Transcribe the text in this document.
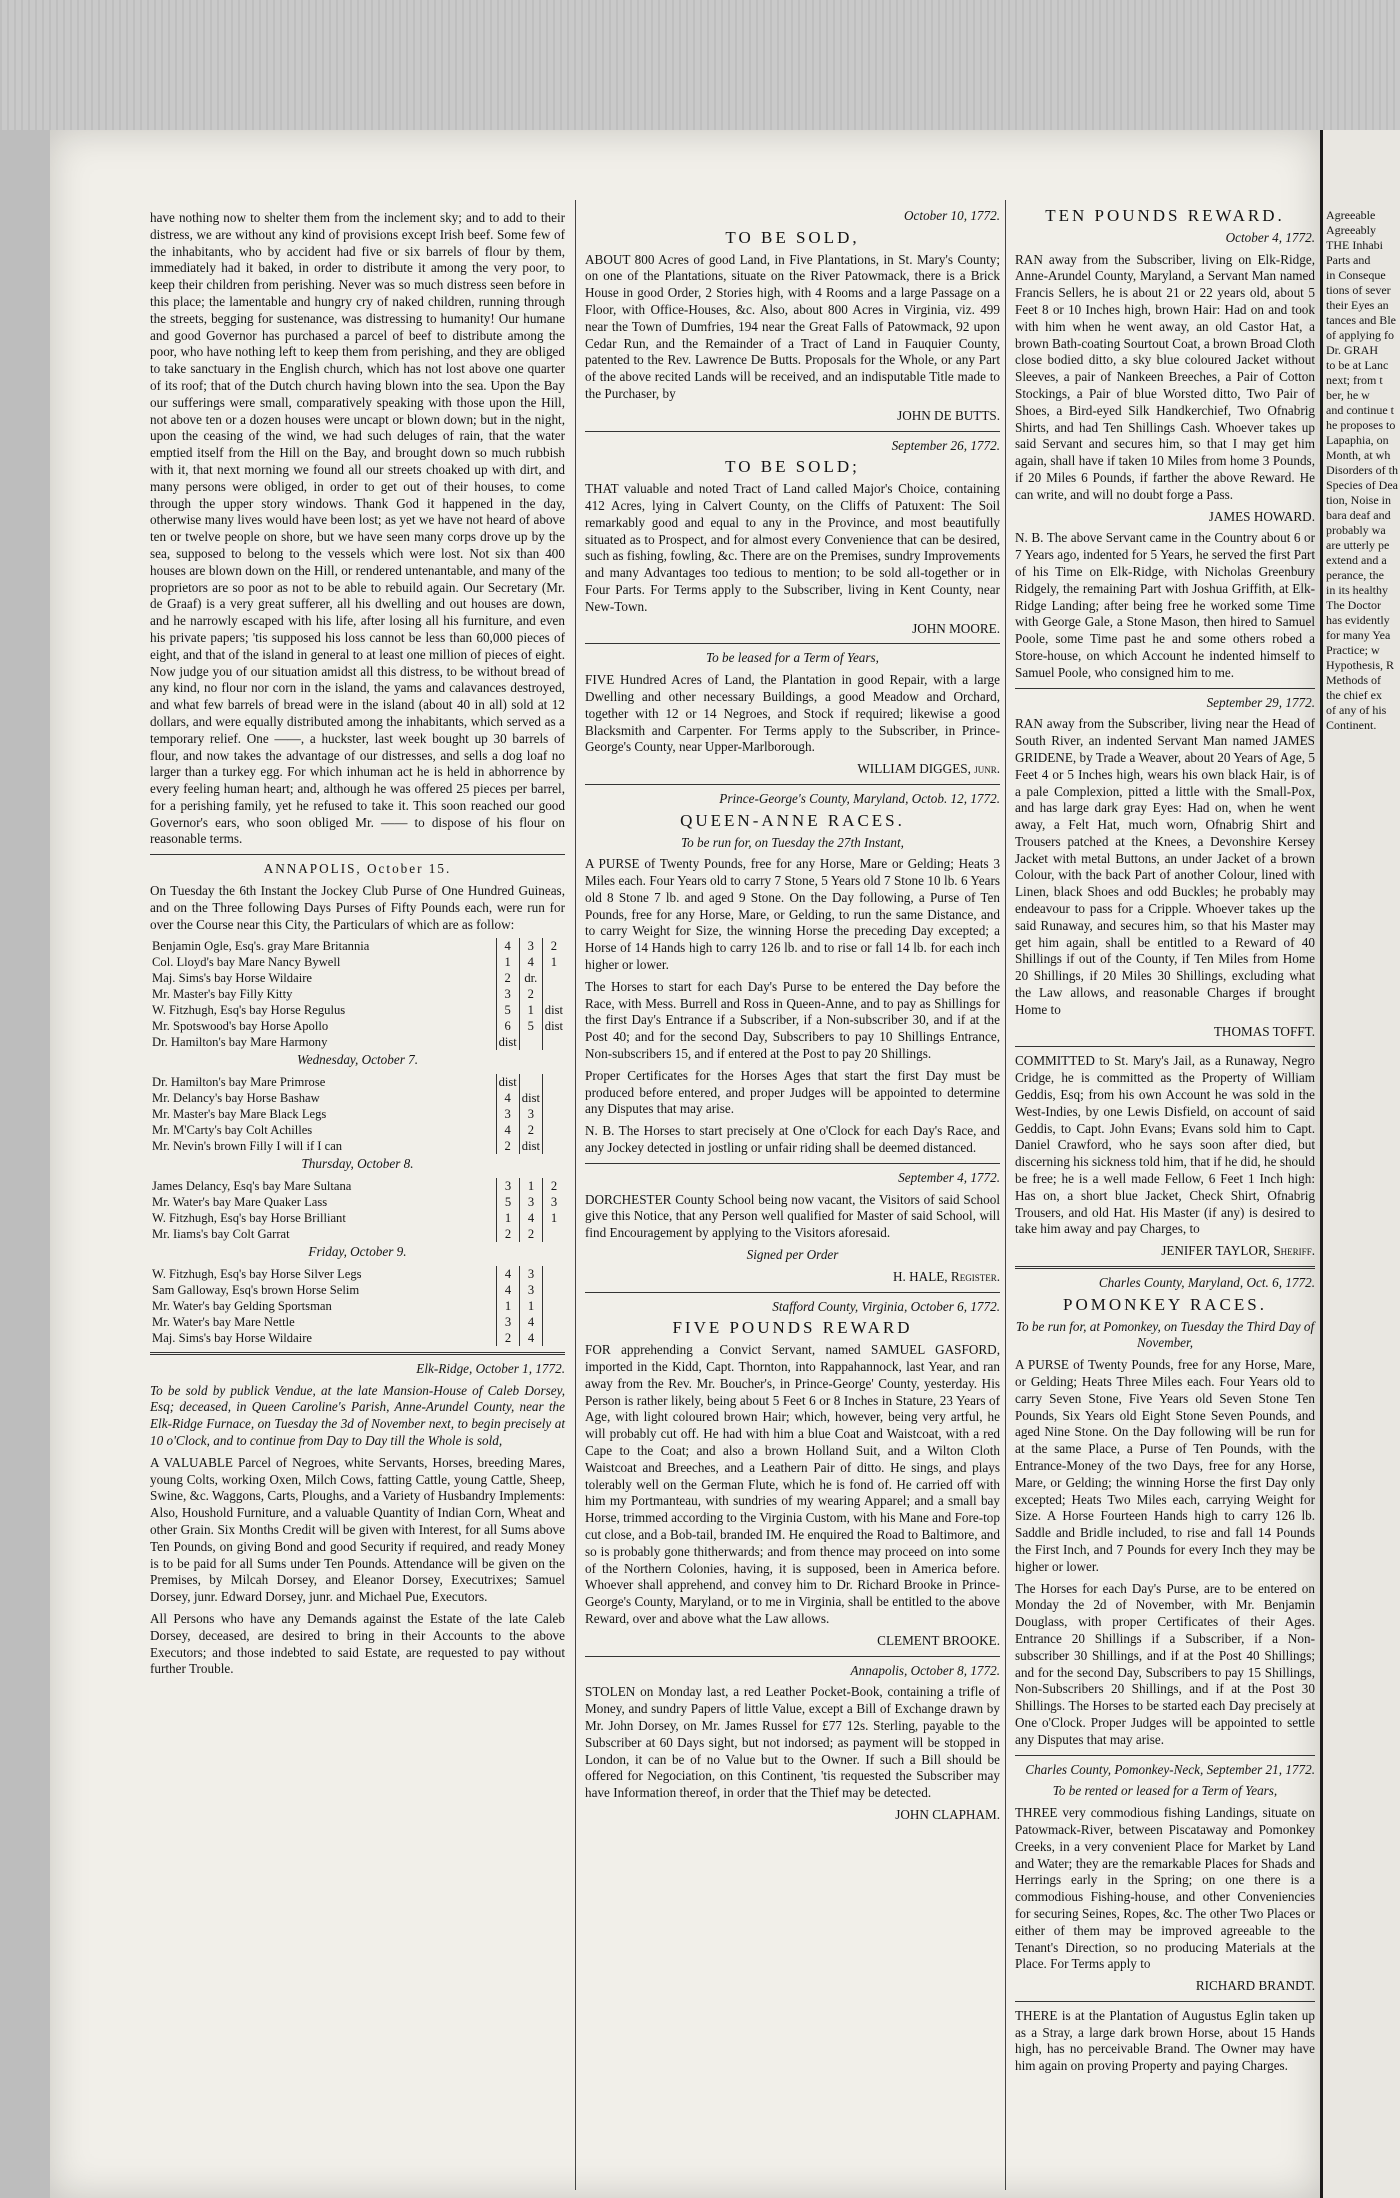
have nothing now to shelter them from the inclement sky; and to add to their distress, we are without any kind of provisions except Irish beef. Some few of the inhabitants, who by accident had five or six barrels of flour by them, immediately had it baked, in order to distribute it among the very poor, to keep their children from perishing. Never was so much distress seen before in this place; the lamentable and hungry cry of naked children, running through the streets, begging for sustenance, was distressing to humanity! Our humane and good Governor has purchased a parcel of beef to distribute among the poor, who have nothing left to keep them from perishing, and they are obliged to take sanctuary in the English church, which has not lost above one quarter of its roof; that of the Dutch church having blown into the sea. Upon the Bay our sufferings were small, comparatively speaking with those upon the Hill, not above ten or a dozen houses were uncapt or blown down; but in the night, upon the ceasing of the wind, we had such deluges of rain, that the water emptied itself from the Hill on the Bay, and brought down so much rubbish with it, that next morning we found all our streets choaked up with dirt, and many persons were obliged, in order to get out of their houses, to come through the upper story windows. Thank God it happened in the day, otherwise many lives would have been lost; as yet we have not heard of above ten or twelve people on shore, but we have seen many corps drove up by the sea, supposed to belong to the vessels which were lost. Not six than 400 houses are blown down on the Hill, or rendered untenantable, and many of the proprietors are so poor as not to be able to rebuild again. Our Secretary (Mr. de Graaf) is a very great sufferer, all his dwelling and out houses are down, and he narrowly escaped with his life, after losing all his furniture, and even his private papers; 'tis supposed his loss cannot be less than 60,000 pieces of eight, and that of the island in general to at least one million of pieces of eight. Now judge you of our situation amidst all this distress, to be without bread of any kind, no flour nor corn in the island, the yams and calavances destroyed, and what few barrels of bread were in the island (about 40 in all) sold at 12 dollars, and were equally distributed among the inhabitants, which served as a temporary relief. One ——, a huckster, last week bought up 30 barrels of flour, and now takes the advantage of our distresses, and sells a dog loaf no larger than a turkey egg. For which inhuman act he is held in abhorrence by every feeling human heart; and, although he was offered 25 pieces per barrel, for a perishing family, yet he refused to take it. This soon reached our good Governor's ears, who soon obliged Mr. —— to dispose of his flour on reasonable terms.

ANNAPOLIS, October 15.

On Tuesday the 6th Instant the Jockey Club Purse of One Hundred Guineas, and on the Three following Days Purses of Fifty Pounds each, were run for over the Course near this City, the Particulars of which are as follow:

Benjamin Ogle, Esq's. gray Mare Britannia	4	3	2
Col. Lloyd's bay Mare Nancy Bywell	1	4	1
Maj. Sims's bay Horse Wildaire	2	dr.	
Mr. Master's bay Filly Kitty	3	2	
W. Fitzhugh, Esq's bay Horse Regulus	5	1	dist
Mr. Spotswood's bay Horse Apollo	6	5	dist
Dr. Hamilton's bay Mare Harmony	dist		

Wednesday, October 7.

Dr. Hamilton's bay Mare Primrose	dist		
Mr. Delancy's bay Horse Bashaw	4	dist	
Mr. Master's bay Mare Black Legs	3	3	
Mr. M'Carty's bay Colt Achilles	4	2	
Mr. Nevin's brown Filly I will if I can	2	dist	

Thursday, October 8.

James Delancy, Esq's bay Mare Sultana	3	1	2
Mr. Water's bay Mare Quaker Lass	5	3	3
W. Fitzhugh, Esq's bay Horse Brilliant	1	4	1
Mr. Iiams's bay Colt Garrat	2	2	

Friday, October 9.

W. Fitzhugh, Esq's bay Horse Silver Legs	4	3	
Sam Galloway, Esq's brown Horse Selim	4	3	
Mr. Water's bay Gelding Sportsman	1	1	
Mr. Water's bay Mare Nettle	3	4	
Maj. Sims's bay Horse Wildaire	2	4	

Elk-Ridge, October 1, 1772.

To be sold by publick Vendue, at the late Mansion-House of Caleb Dorsey, Esq; deceased, in Queen Caroline's Parish, Anne-Arundel County, near the Elk-Ridge Furnace, on Tuesday the 3d of November next, to begin precisely at 10 o'Clock, and to continue from Day to Day till the Whole is sold,

A VALUABLE Parcel of Negroes, white Servants, Horses, breeding Mares, young Colts, working Oxen, Milch Cows, fatting Cattle, young Cattle, Sheep, Swine, &c. Waggons, Carts, Ploughs, and a Variety of Husbandry Implements: Also, Houshold Furniture, and a valuable Quantity of Indian Corn, Wheat and other Grain. Six Months Credit will be given with Interest, for all Sums above Ten Pounds, on giving Bond and good Security if required, and ready Money is to be paid for all Sums under Ten Pounds. Attendance will be given on the Premises, by Milcah Dorsey, and Eleanor Dorsey, Executrixes; Samuel Dorsey, junr. Edward Dorsey, junr. and Michael Pue, Executors.

All Persons who have any Demands against the Estate of the late Caleb Dorsey, deceased, are desired to bring in their Accounts to the above Executors; and those indebted to said Estate, are requested to pay without further Trouble.

October 10, 1772.

TO BE SOLD,

ABOUT 800 Acres of good Land, in Five Plantations, in St. Mary's County; on one of the Plantations, situate on the River Patowmack, there is a Brick House in good Order, 2 Stories high, with 4 Rooms and a large Passage on a Floor, with Office-Houses, &c. Also, about 800 Acres in Virginia, viz. 499 near the Town of Dumfries, 194 near the Great Falls of Patowmack, 92 upon Cedar Run, and the Remainder of a Tract of Land in Fauquier County, patented to the Rev. Lawrence De Butts. Proposals for the Whole, or any Part of the above recited Lands will be received, and an indisputable Title made to the Purchaser, by

JOHN DE BUTTS.

September 26, 1772.

TO BE SOLD;

THAT valuable and noted Tract of Land called Major's Choice, containing 412 Acres, lying in Calvert County, on the Cliffs of Patuxent: The Soil remarkably good and equal to any in the Province, and most beautifully situated as to Prospect, and for almost every Convenience that can be desired, such as fishing, fowling, &c. There are on the Premises, sundry Improvements and many Advantages too tedious to mention; to be sold all-together or in Four Parts. For Terms apply to the Subscriber, living in Kent County, near New-Town.

JOHN MOORE.

To be leased for a Term of Years,

FIVE Hundred Acres of Land, the Plantation in good Repair, with a large Dwelling and other necessary Buildings, a good Meadow and Orchard, together with 12 or 14 Negroes, and Stock if required; likewise a good Blacksmith and Carpenter. For Terms apply to the Subscriber, in Prince-George's County, near Upper-Marlborough.

WILLIAM DIGGES, junr.

Prince-George's County, Maryland, Octob. 12, 1772.

QUEEN-ANNE RACES.

To be run for, on Tuesday the 27th Instant,

A PURSE of Twenty Pounds, free for any Horse, Mare or Gelding; Heats 3 Miles each. Four Years old to carry 7 Stone, 5 Years old 7 Stone 10 lb. 6 Years old 8 Stone 7 lb. and aged 9 Stone. On the Day following, a Purse of Ten Pounds, free for any Horse, Mare, or Gelding, to run the same Distance, and to carry Weight for Size, the winning Horse the preceding Day excepted; a Horse of 14 Hands high to carry 126 lb. and to rise or fall 14 lb. for each inch higher or lower.

The Horses to start for each Day's Purse to be entered the Day before the Race, with Mess. Burrell and Ross in Queen-Anne, and to pay as Shillings for the first Day's Entrance if a Subscriber, if a Non-subscriber 30, and if at the Post 40; and for the second Day, Subscribers to pay 10 Shillings Entrance, Non-subscribers 15, and if entered at the Post to pay 20 Shillings.

Proper Certificates for the Horses Ages that start the first Day must be produced before entered, and proper Judges will be appointed to determine any Disputes that may arise.

N. B. The Horses to start precisely at One o'Clock for each Day's Race, and any Jockey detected in jostling or unfair riding shall be deemed distanced.

September 4, 1772.

DORCHESTER County School being now vacant, the Visitors of said School give this Notice, that any Person well qualified for Master of said School, will find Encouragement by applying to the Visitors aforesaid.

Signed per Order

H. HALE, Register.

Stafford County, Virginia, October 6, 1772.

FIVE POUNDS REWARD

FOR apprehending a Convict Servant, named SAMUEL GASFORD, imported in the Kidd, Capt. Thornton, into Rappahannock, last Year, and ran away from the Rev. Mr. Boucher's, in Prince-George' County, yesterday. His Person is rather likely, being about 5 Feet 6 or 8 Inches in Stature, 23 Years of Age, with light coloured brown Hair; which, however, being very artful, he will probably cut off. He had with him a blue Coat and Waistcoat, with a red Cape to the Coat; and also a brown Holland Suit, and a Wilton Cloth Waistcoat and Breeches, and a Leathern Pair of ditto. He sings, and plays tolerably well on the German Flute, which he is fond of. He carried off with him my Portmanteau, with sundries of my wearing Apparel; and a small bay Horse, trimmed according to the Virginia Custom, with his Mane and Fore-top cut close, and a Bob-tail, branded IM. He enquired the Road to Baltimore, and so is probably gone thitherwards; and from thence may proceed on into some of the Northern Colonies, having, it is supposed, been in America before. Whoever shall apprehend, and convey him to Dr. Richard Brooke in Prince-George's County, Maryland, or to me in Virginia, shall be entitled to the above Reward, over and above what the Law allows.

CLEMENT BROOKE.

Annapolis, October 8, 1772.

STOLEN on Monday last, a red Leather Pocket-Book, containing a trifle of Money, and sundry Papers of little Value, except a Bill of Exchange drawn by Mr. John Dorsey, on Mr. James Russel for £77 12s. Sterling, payable to the Subscriber at 60 Days sight, but not indorsed; as payment will be stopped in London, it can be of no Value but to the Owner. If such a Bill should be offered for Negociation, on this Continent, 'tis requested the Subscriber may have Information thereof, in order that the Thief may be detected.

JOHN CLAPHAM.

TEN POUNDS REWARD.

October 4, 1772.

RAN away from the Subscriber, living on Elk-Ridge, Anne-Arundel County, Maryland, a Servant Man named Francis Sellers, he is about 21 or 22 years old, about 5 Feet 8 or 10 Inches high, brown Hair: Had on and took with him when he went away, an old Castor Hat, a brown Bath-coating Sourtout Coat, a brown Broad Cloth close bodied ditto, a sky blue coloured Jacket without Sleeves, a pair of Nankeen Breeches, a Pair of Cotton Stockings, a Pair of blue Worsted ditto, Two Pair of Shoes, a Bird-eyed Silk Handkerchief, Two Ofnabrig Shirts, and had Ten Shillings Cash. Whoever takes up said Servant and secures him, so that I may get him again, shall have if taken 10 Miles from home 3 Pounds, if 20 Miles 6 Pounds, if farther the above Reward. He can write, and will no doubt forge a Pass.

JAMES HOWARD.

N. B. The above Servant came in the Country about 6 or 7 Years ago, indented for 5 Years, he served the first Part of his Time on Elk-Ridge, with Nicholas Greenbury Ridgely, the remaining Part with Joshua Griffith, at Elk-Ridge Landing; after being free he worked some Time with George Gale, a Stone Mason, then hired to Samuel Poole, some Time past he and some others robed a Store-house, on which Account he indented himself to Samuel Poole, who consigned him to me.

September 29, 1772.

RAN away from the Subscriber, living near the Head of South River, an indented Servant Man named JAMES GRIDENE, by Trade a Weaver, about 20 Years of Age, 5 Feet 4 or 5 Inches high, wears his own black Hair, is of a pale Complexion, pitted a little with the Small-Pox, and has large dark gray Eyes: Had on, when he went away, a Felt Hat, much worn, Ofnabrig Shirt and Trousers patched at the Knees, a Devonshire Kersey Jacket with metal Buttons, an under Jacket of a brown Colour, with the back Part of another Colour, lined with Linen, black Shoes and odd Buckles; he probably may endeavour to pass for a Cripple. Whoever takes up the said Runaway, and secures him, so that his Master may get him again, shall be entitled to a Reward of 40 Shillings if out of the County, if Ten Miles from Home 20 Shillings, if 20 Miles 30 Shillings, excluding what the Law allows, and reasonable Charges if brought Home to

THOMAS TOFFT.

COMMITTED to St. Mary's Jail, as a Runaway, Negro Cridge, he is committed as the Property of William Geddis, Esq; from his own Account he was sold in the West-Indies, by one Lewis Disfield, on account of said Geddis, to Capt. John Evans; Evans sold him to Capt. Daniel Crawford, who he says soon after died, but discerning his sickness told him, that if he did, he should be free; he is a well made Fellow, 6 Feet 1 Inch high: Has on, a short blue Jacket, Check Shirt, Ofnabrig Trousers, and old Hat. His Master (if any) is desired to take him away and pay Charges, to

JENIFER TAYLOR, Sheriff.

Charles County, Maryland, Oct. 6, 1772.

POMONKEY RACES.

To be run for, at Pomonkey, on Tuesday the Third Day of November,

A PURSE of Twenty Pounds, free for any Horse, Mare, or Gelding; Heats Three Miles each. Four Years old to carry Seven Stone, Five Years old Seven Stone Ten Pounds, Six Years old Eight Stone Seven Pounds, and aged Nine Stone. On the Day following will be run for at the same Place, a Purse of Ten Pounds, with the Entrance-Money of the two Days, free for any Horse, Mare, or Gelding; the winning Horse the first Day only excepted; Heats Two Miles each, carrying Weight for Size. A Horse Fourteen Hands high to carry 126 lb. Saddle and Bridle included, to rise and fall 14 Pounds the First Inch, and 7 Pounds for every Inch they may be higher or lower.

The Horses for each Day's Purse, are to be entered on Monday the 2d of November, with Mr. Benjamin Douglass, with proper Certificates of their Ages. Entrance 20 Shillings if a Subscriber, if a Non-subscriber 30 Shillings, and if at the Post 40 Shillings; and for the second Day, Subscribers to pay 15 Shillings, Non-Subscribers 20 Shillings, and if at the Post 30 Shillings. The Horses to be started each Day precisely at One o'Clock. Proper Judges will be appointed to settle any Disputes that may arise.

Charles County, Pomonkey-Neck, September 21, 1772.

To be rented or leased for a Term of Years,

THREE very commodious fishing Landings, situate on Patowmack-River, between Piscataway and Pomonkey Creeks, in a very convenient Place for Market by Land and Water; they are the remarkable Places for Shads and Herrings early in the Spring; on one there is a commodious Fishing-house, and other Conveniencies for securing Seines, Ropes, &c. The other Two Places or either of them may be improved agreeable to the Tenant's Direction, so no producing Materials at the Place. For Terms apply to

RICHARD BRANDT.

THERE is at the Plantation of Augustus Eglin taken up as a Stray, a large dark brown Horse, about 15 Hands high, has no perceivable Brand. The Owner may have him again on proving Property and paying Charges.

Agreeable
Agreeably
THE Inhabi
Parts and
in Conseque
tions of sever
their Eyes an
tances and Ble
of applying fo
Dr. GRAH
to be at Lanc
next; from t
ber, he w
and continue t
he proposes to
Lapaphia, on
Month, at wh
Disorders of th
Species of Dea
tion, Noise in
bara deaf and
probably wa
are utterly pe
extend and a
perance, the
in its healthy
The Doctor
has evidently
for many Yea
Practice; w
Hypothesis, R
Methods of
the chief ex
of any of his
Continent.
